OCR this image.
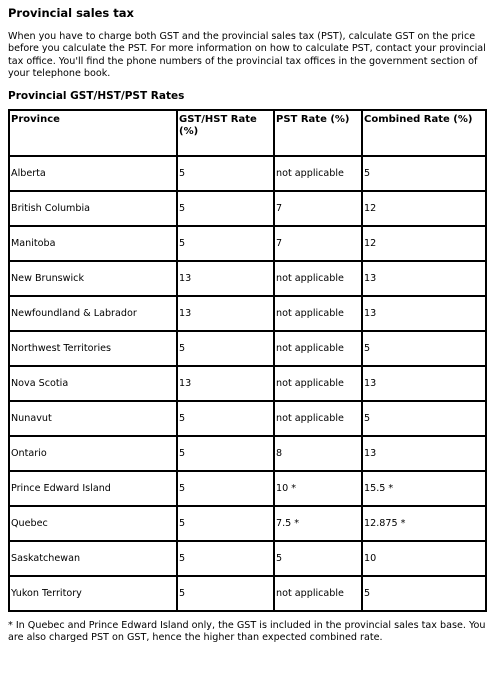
Provincial sales tax

When you have to charge both GST and the provincial sales tax (PST), calculate GST on the price before you calculate the PST. For more information on how to calculate PST, contact your provincial tax office. You'll find the phone numbers of the provincial tax offices in the government section of your telephone book.

Provincial GST/HST/PST Rates
Province	GST/HST Rate (%)	PST Rate (%)	Combined Rate (%)
Alberta	5	not applicable	5
British Columbia	5	7	12
Manitoba	5	7	12
New Brunswick	13	not applicable	13
Newfoundland & Labrador	13	not applicable	13
Northwest Territories	5	not applicable	5
Nova Scotia	13	not applicable	13
Nunavut	5	not applicable	5
Ontario	5	8	13
Prince Edward Island	5	10 *	15.5 *
Quebec	5	7.5 *	12.875 *
Saskatchewan	5	5	10
Yukon Territory	5	not applicable	5

* In Quebec and Prince Edward Island only, the GST is included in the provincial sales tax base. You are also charged PST on GST, hence the higher than expected combined rate.
